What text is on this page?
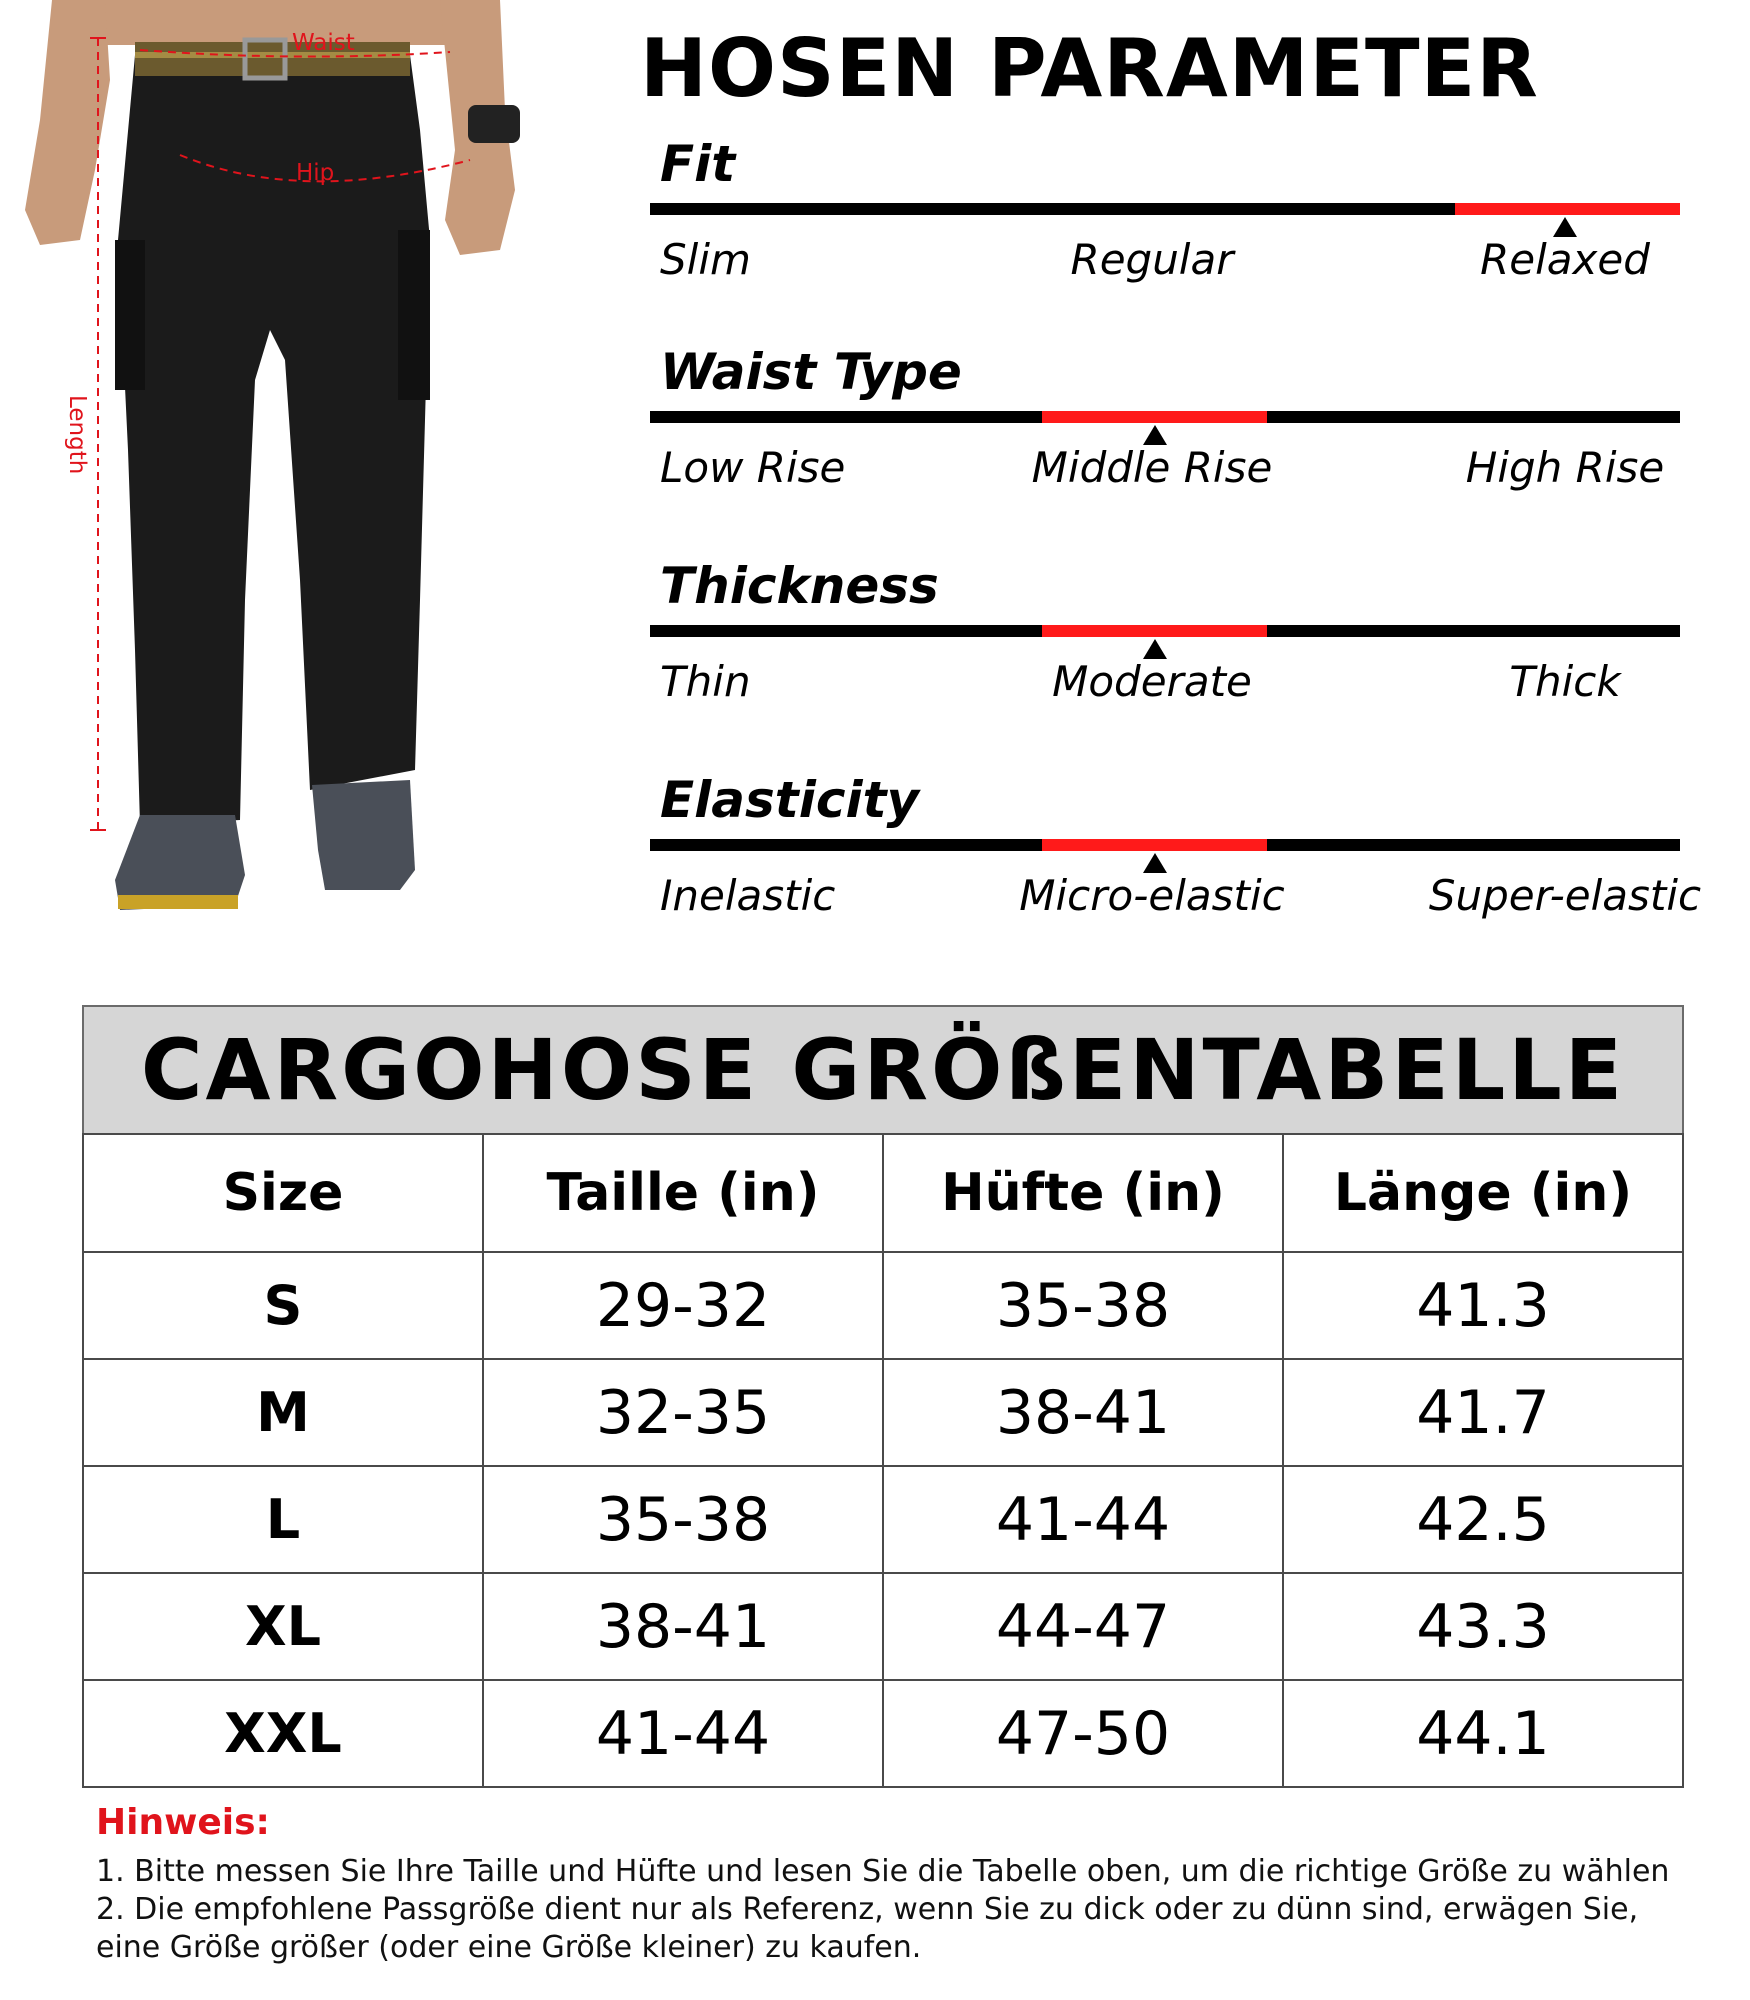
Waist
Hip
Length
HOSEN PARAMETER
Fit
Slim	Regular	Relaxed
Waist Type
Low Rise	Middle Rise	High Rise
Thickness
Thin	Moderate	Thick
Elasticity
Inelastic	Micro-elastic	Super-elastic
CARGOHOSE GRÖßENTABELLE
Size	Taille (in)	Hüfte (in)	Länge (in)
S	29-32	35-38	41.3
M	32-35	38-41	41.7
L	35-38	41-44	42.5
XL	38-41	44-47	43.3
XXL	41-44	47-50	44.1

Hinweis:

1. Bitte messen Sie Ihre Taille und Hüfte und lesen Sie die Tabelle oben, um die richtige Größe zu wählen

2. Die empfohlene Passgröße dient nur als Referenz, wenn Sie zu dick oder zu dünn sind, erwägen Sie,

eine Größe größer (oder eine Größe kleiner) zu kaufen.
